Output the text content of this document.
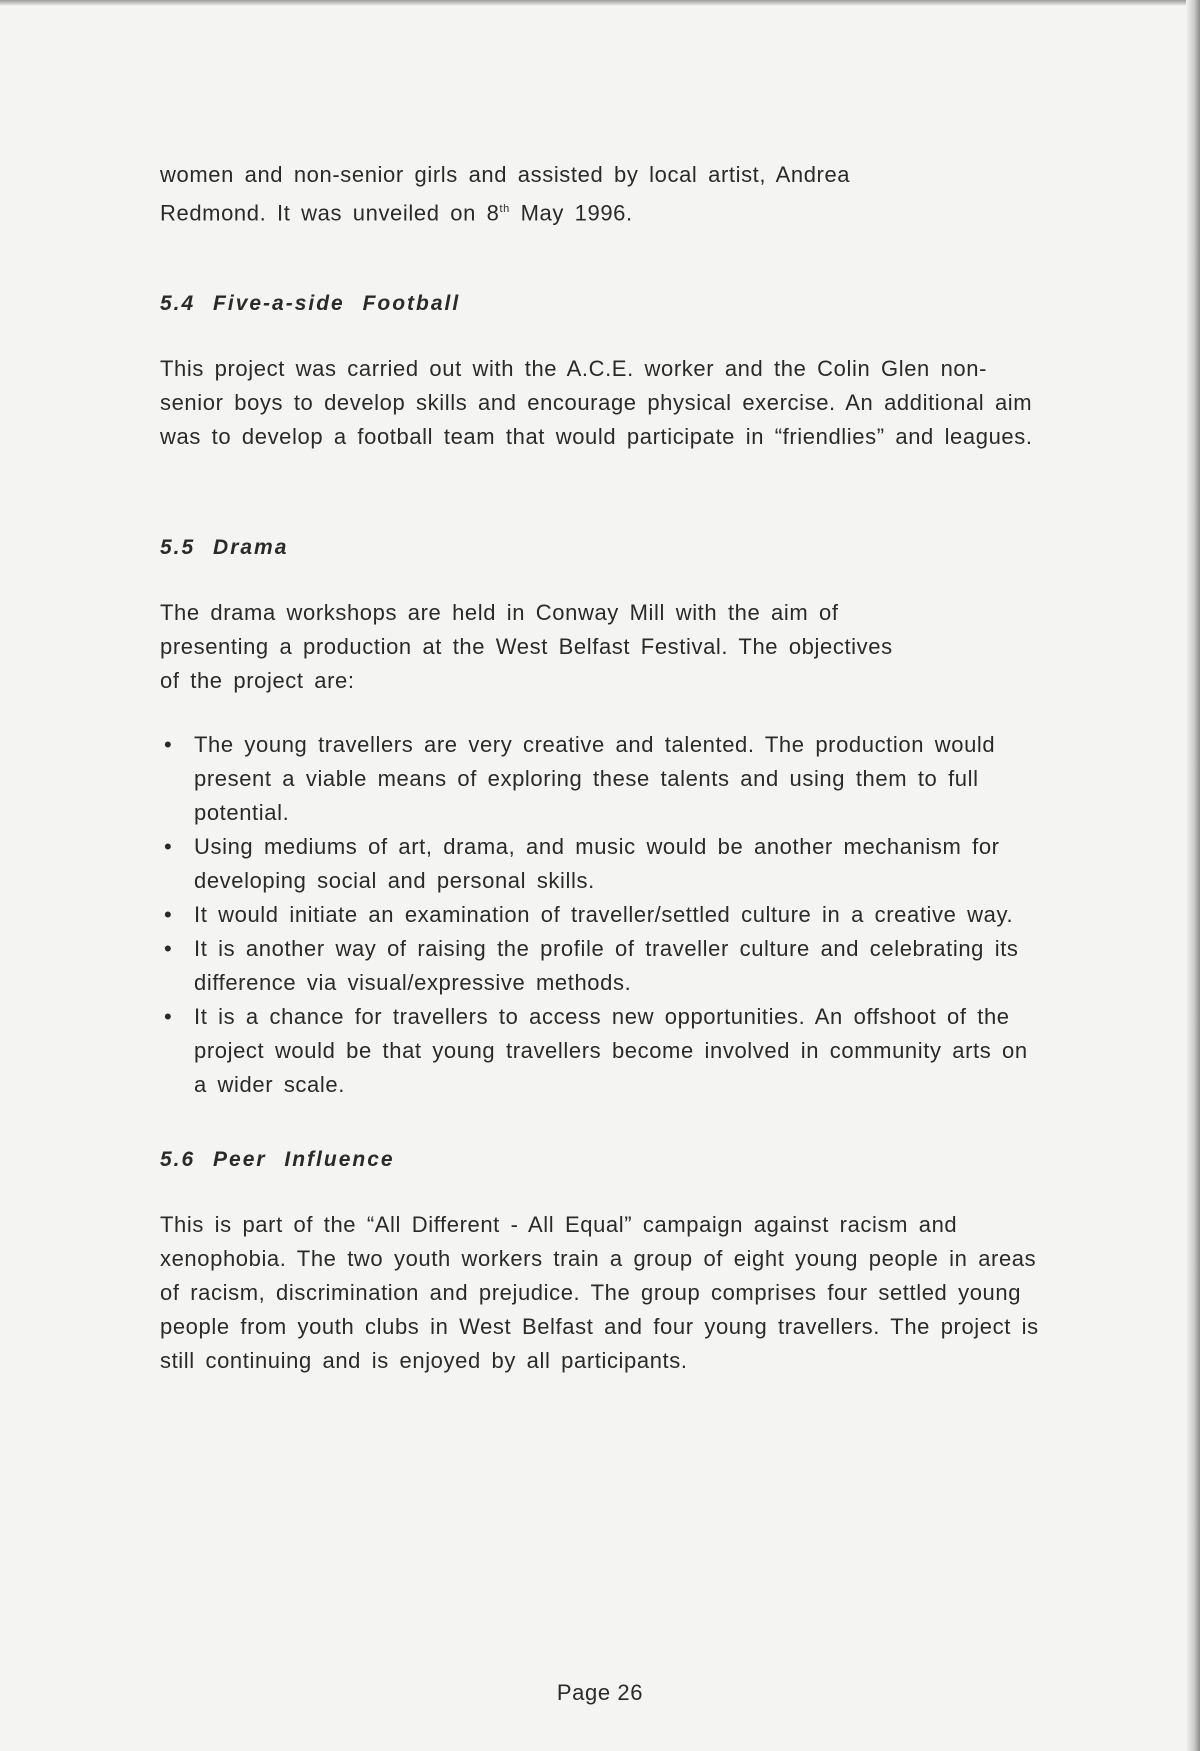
women and non-senior girls and assisted by local artist, Andrea Redmond. It was unveiled on 8th May 1996.

5.4 Five-a-side Football

This project was carried out with the A.C.E. worker and the Colin Glen non-senior boys to develop skills and encourage physical exercise. An additional aim was to develop a football team that would participate in “friendlies” and leagues.

5.5 Drama

The drama workshops are held in Conway Mill with the aim of presenting a production at the West Belfast Festival. The objectives of the project are:

• The young travellers are very creative and talented. The production would present a viable means of exploring these talents and using them to full potential.
• Using mediums of art, drama, and music would be another mechanism for developing social and personal skills.
• It would initiate an examination of traveller/settled culture in a creative way.
• It is another way of raising the profile of traveller culture and celebrating its difference via visual/expressive methods.
• It is a chance for travellers to access new opportunities. An offshoot of the project would be that young travellers become involved in community arts on a wider scale.
5.6 Peer Influence

This is part of the “All Different - All Equal” campaign against racism and xenophobia. The two youth workers train a group of eight young people in areas of racism, discrimination and prejudice. The group comprises four settled young people from youth clubs in West Belfast and four young travellers. The project is still continuing and is enjoyed by all participants.

Page 26
